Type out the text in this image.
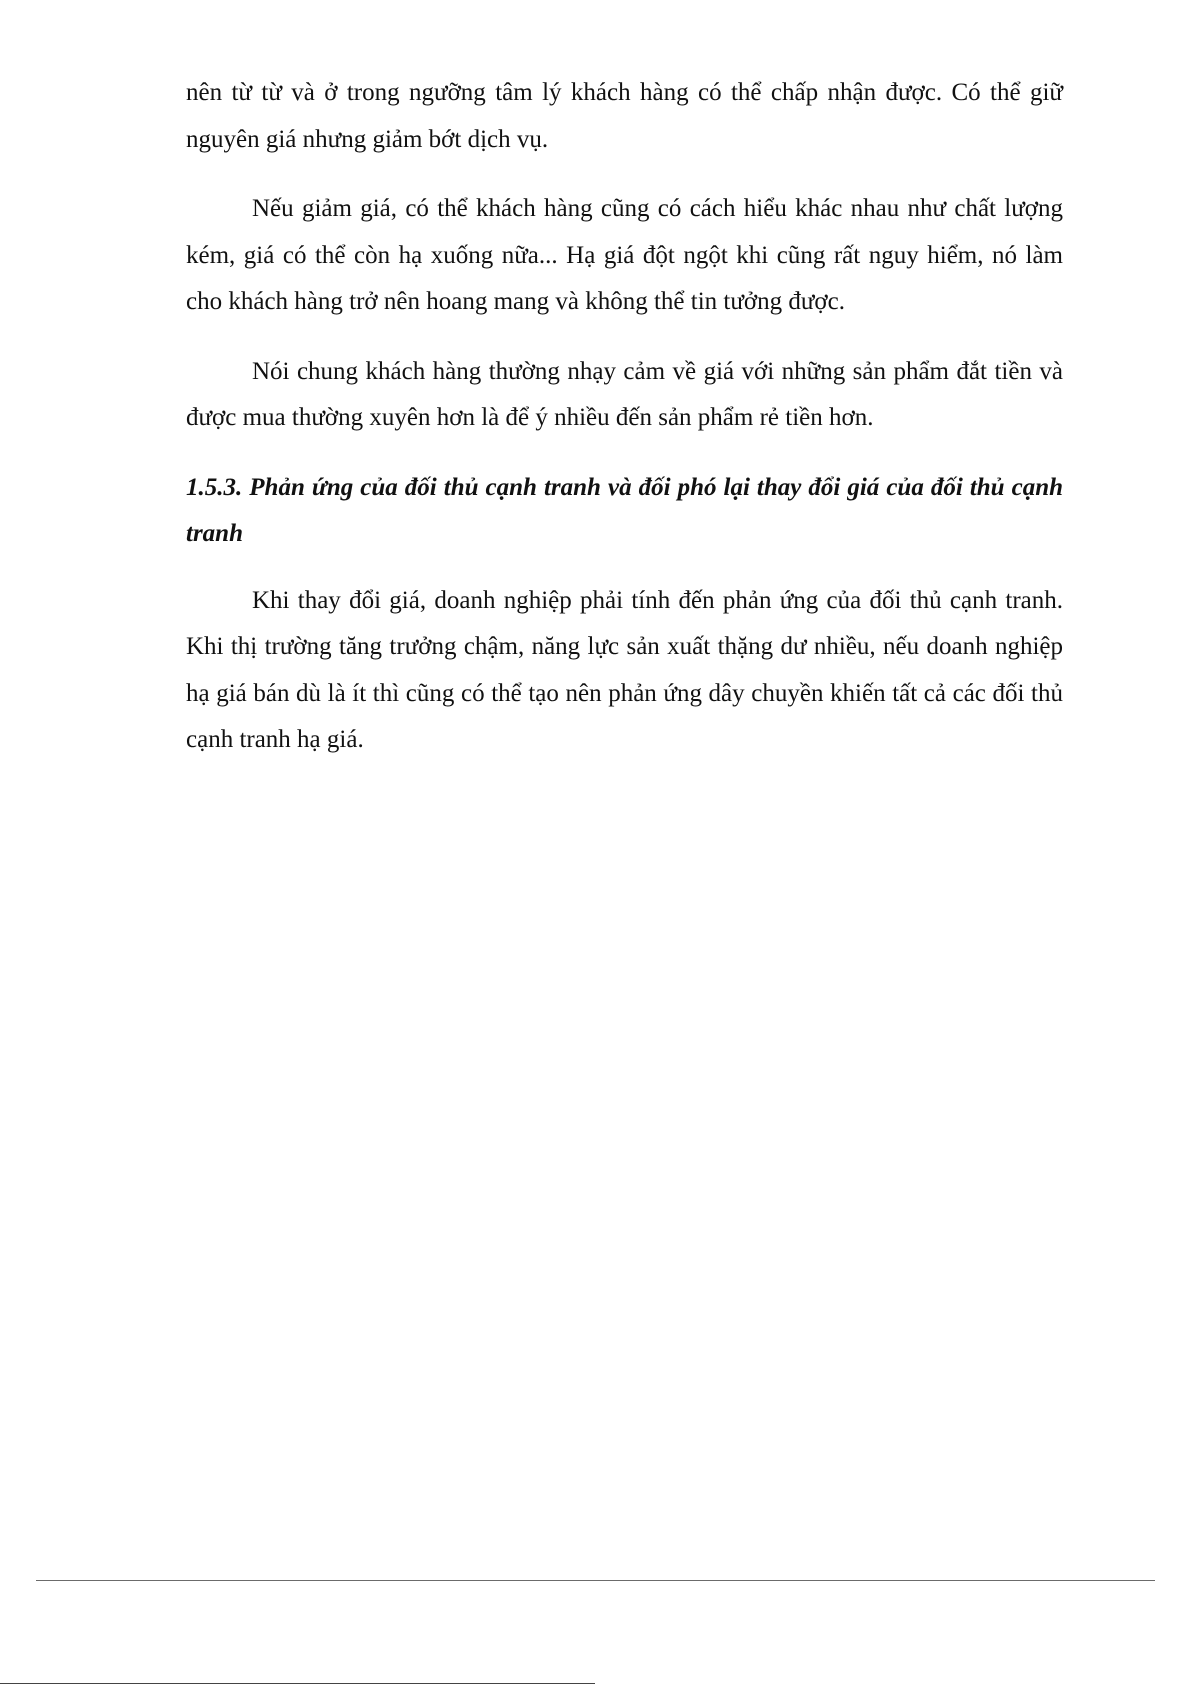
nên từ từ và ở trong ngưỡng tâm lý khách hàng có thể chấp nhận được. Có thể giữ nguyên giá nhưng giảm bớt dịch vụ.

Nếu giảm giá, có thể khách hàng cũng có cách hiểu khác nhau như chất lượng kém, giá có thể còn hạ xuống nữa... Hạ giá đột ngột khi cũng rất nguy hiểm, nó làm cho khách hàng trở nên hoang mang và không thể tin tưởng được.

Nói chung khách hàng thường nhạy cảm về giá với những sản phẩm đắt tiền và được mua thường xuyên hơn là để ý nhiều đến sản phẩm rẻ tiền hơn.

1.5.3. Phản ứng của đối thủ cạnh tranh và đối phó lại thay đổi giá của đối thủ cạnh tranh

Khi thay đổi giá, doanh nghiệp phải tính đến phản ứng của đối thủ cạnh tranh. Khi thị trường tăng trưởng chậm, năng lực sản xuất thặng dư nhiều, nếu doanh nghiệp hạ giá bán dù là ít thì cũng có thể tạo nên phản ứng dây chuyền khiến tất cả các đối thủ cạnh tranh hạ giá.
